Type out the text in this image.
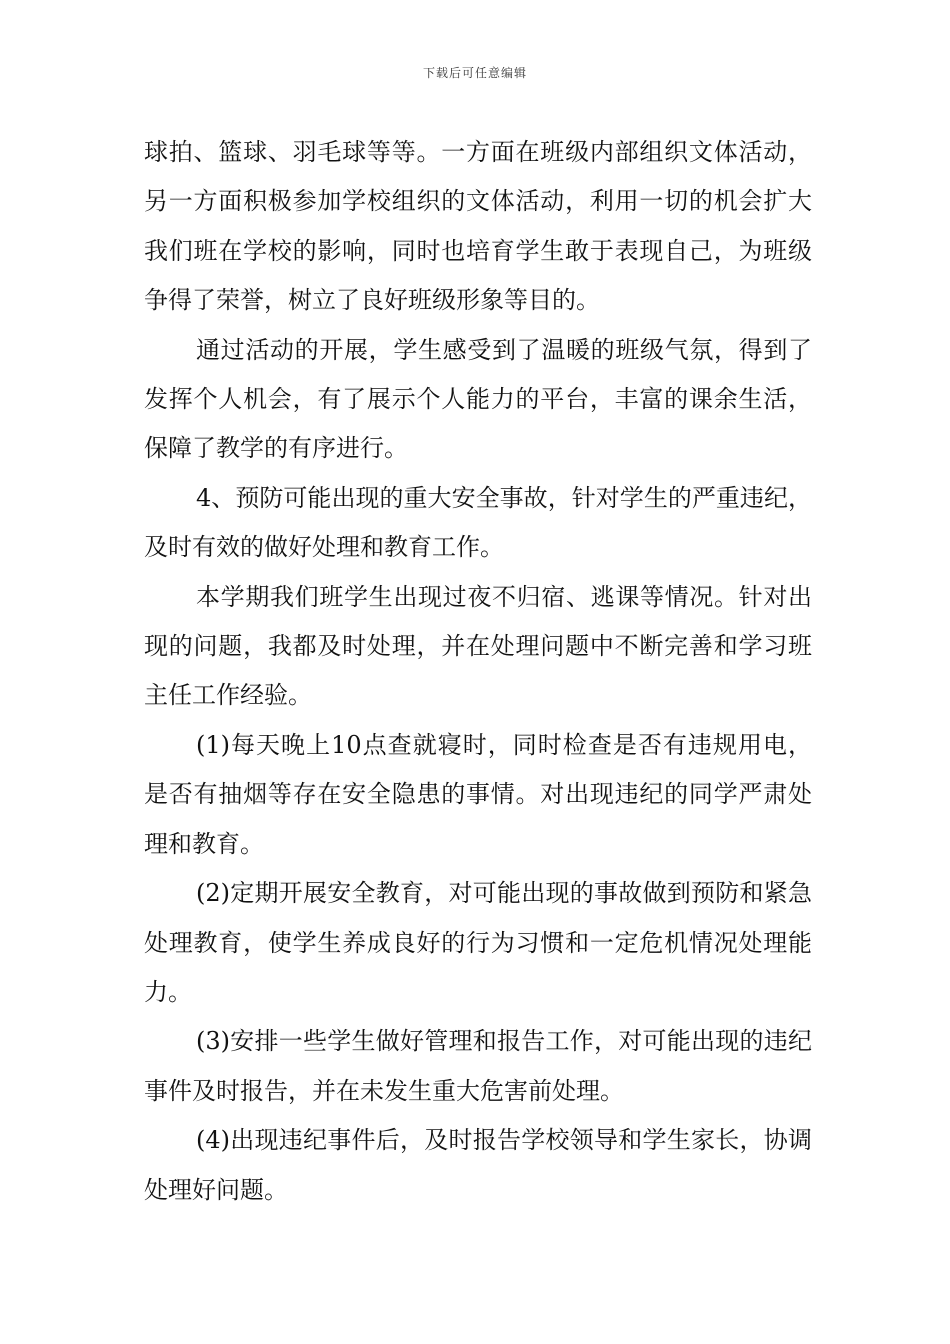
下载后可任意编辑

球拍、篮球、羽毛球等等。一方面在班级内部组织文体活动，另一方面积极参加学校组织的文体活动，利用一切的机会扩大我们班在学校的影响，同时也培育学生敢于表现自己，为班级争得了荣誉，树立了良好班级形象等目的。

通过活动的开展，学生感受到了温暖的班级气氛，得到了发挥个人机会，有了展示个人能力的平台，丰富的课余生活，保障了教学的有序进行。

4、预防可能出现的重大安全事故，针对学生的严重违纪，及时有效的做好处理和教育工作。

本学期我们班学生出现过夜不归宿、逃课等情况。针对出现的问题，我都及时处理，并在处理问题中不断完善和学习班主任工作经验。

(1)每天晚上10点查就寝时，同时检查是否有违规用电，是否有抽烟等存在安全隐患的事情。对出现违纪的同学严肃处理和教育。

(2)定期开展安全教育，对可能出现的事故做到预防和紧急处理教育，使学生养成良好的行为习惯和一定危机情况处理能力。

(3)安排一些学生做好管理和报告工作，对可能出现的违纪事件及时报告，并在未发生重大危害前处理。

(4)出现违纪事件后，及时报告学校领导和学生家长，协调处理好问题。
